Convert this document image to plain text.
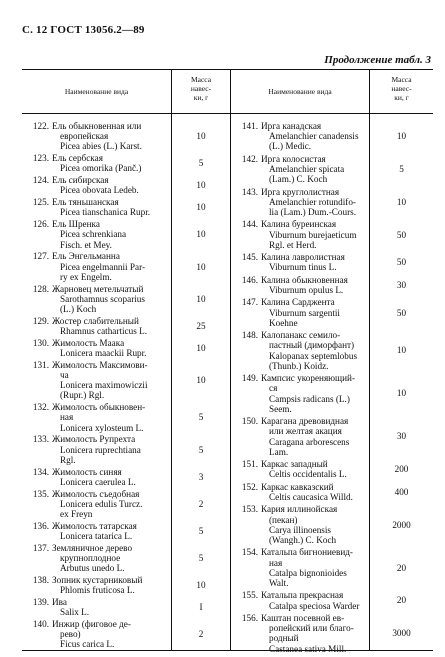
С. 12 ГОСТ 13056.2—89
Продолжение табл. 3
Наименование вида
Масса
навес-
ки, г
Наименование вида
Масса
навес-
ки, г
122. Ель обыкновенная или
европейская
Picea abies (L.) Karst.
10
123. Ель сербская
Picea omorika (Panč.)
5
124. Ель сибирская
Picea obovata Ledeb.
10
125. Ель тяньшанская
Picea tianschanica Rupr.
10
126. Ель Шренка
Picea schrenkiana
Fisch. et Mey.
10
127. Ель Энгельманна
Picea engelmannii Par-
ry ex Engelm.
10
128. Жарновец метельчатый
Sarothamnus scoparius
(L.) Koch
10
129. Жостер слабительный
Rhamnus catharticus L.
25
130. Жимолость Маака
Lonicera maackii Rupr.
10
131. Жимолость Максимови-
ча
Lonicera maximowiczii
(Rupr.) Rgl.
10
132. Жимолость обыкновен-
ная
Lonicera xylosteum L.
5
133. Жимолость Рупрехта
Lonicera ruprechtiana
Rgl.
5
134. Жимолость синяя
Lonicera caerulea L.
3
135. Жимолость съедобная
Lonicera edulis Turcz.
ex Freyn
2
136. Жимолость татарская
Lonicera tatarica L.
5
137. Земляничное дерево
крупноплодное
Arbutus unedo L.
5
138. Зопник кустарниковый
Phlomis fruticosa L.
10
139. Ива
Salix L.
I
140. Инжир (фиговое де-
рево)
Ficus carica L.
2
141. Ирга канадская
Amelanchier canadensis
(L.) Medic.
10
142. Ирга колосистая
Amelanchier spicata
(Lam.) C. Koch
5
143. Ирга круглолистная
Amelanchier rotundifo-
lia (Lam.) Dum.-Cours.
10
144. Калина буреинская
Viburnum burejaeticum
Rgl. et Herd.
50
145. Калина лавролистная
Viburnum tinus L.
50
146. Калина обыкновенная
Viburnum opulus L.
30
147. Калина Сарджента
Viburnum sargentii
Koehne
50
148. Калопанакс семило-
пастный (диморфант)
Kalopanax septemlobus
(Thunb.) Koidz.
10
149. Кампсис укореняющий-
ся
Campsis radicans (L.)
Seem.
10
150. Карагана древовидная
или желтая акация
Caragana arborescens
Lam.
30
151. Каркас западный
Celtis occidentalis L.
200
152. Каркас кавказский
Celtis caucasica Willd.
400
153. Кария иллинойская
(пекан)
Carya illinoensis
(Wangh.) C. Koch
2000
154. Катальпа бигнониевид-
ная
Catalpa bignonioides
Walt.
20
155. Катальпа прекрасная
Catalpa speciosa Warder
20
156. Каштан посевной ев-
ропейский или благо-
родный
Castanea sativa Mill.
3000
